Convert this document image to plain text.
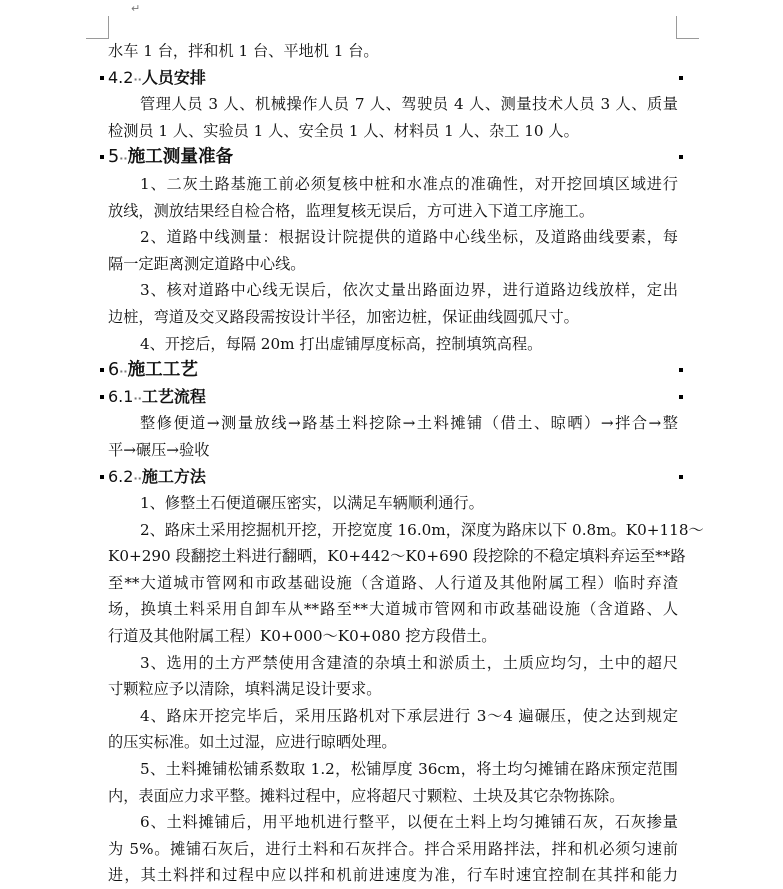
↵
水车 1 台，拌和机 1 台、平地机 1 台。
4.2··人员安排
管理人员 3 人、机械操作人员 7 人、驾驶员 4 人、测量技术人员 3 人、质量
检测员 1 人、实验员 1 人、安全员 1 人、材料员 1 人、杂工 10 人。
5··施工测量准备
1、二灰土路基施工前必须复核中桩和水准点的准确性，对开挖回填区域进行
放线，测放结果经自检合格，监理复核无误后，方可进入下道工序施工。
2、道路中线测量：根据设计院提供的道路中心线坐标，及道路曲线要素，每
隔一定距离测定道路中心线。
3、核对道路中心线无误后，依次丈量出路面边界，进行道路边线放样，定出
边桩，弯道及交叉路段需按设计半径，加密边桩，保证曲线圆弧尺寸。
4、开挖后，每隔 20m 打出虚铺厚度标高，控制填筑高程。
6··施工工艺
6.1··工艺流程
整修便道→测量放线→路基土料挖除→土料摊铺（借土、晾晒）→拌合→整
平→碾压→验收
6.2··施工方法
1、修整土石便道碾压密实，以满足车辆顺利通行。
2、路床土采用挖掘机开挖，开挖宽度 16.0m，深度为路床以下 0.8m。K0+118～
K0+290 段翻挖土料进行翻晒，K0+442～K0+690 段挖除的不稳定填料弃运至**路
至**大道城市管网和市政基础设施（含道路、人行道及其他附属工程）临时弃渣
场，换填土料采用自卸车从**路至**大道城市管网和市政基础设施（含道路、人
行道及其他附属工程）K0+000～K0+080 挖方段借土。
3、选用的土方严禁使用含建渣的杂填土和淤质土，土质应均匀，土中的超尺
寸颗粒应予以清除，填料满足设计要求。
4、路床开挖完毕后，采用压路机对下承层进行 3～4 遍碾压，使之达到规定
的压实标准。如土过湿，应进行晾晒处理。
5、土料摊铺松铺系数取 1.2，松铺厚度 36cm，将土均匀摊铺在路床预定范围
内，表面应力求平整。摊料过程中，应将超尺寸颗粒、土块及其它杂物拣除。
6、土料摊铺后，用平地机进行整平，以便在土料上均匀摊铺石灰，石灰掺量
为 5%。摊铺石灰后，进行土料和石灰拌合。拌合采用路拌法，拌和机必须匀速前
进，其土料拌和过程中应以拌和机前进速度为准，行车时速宜控制在其拌和能力
